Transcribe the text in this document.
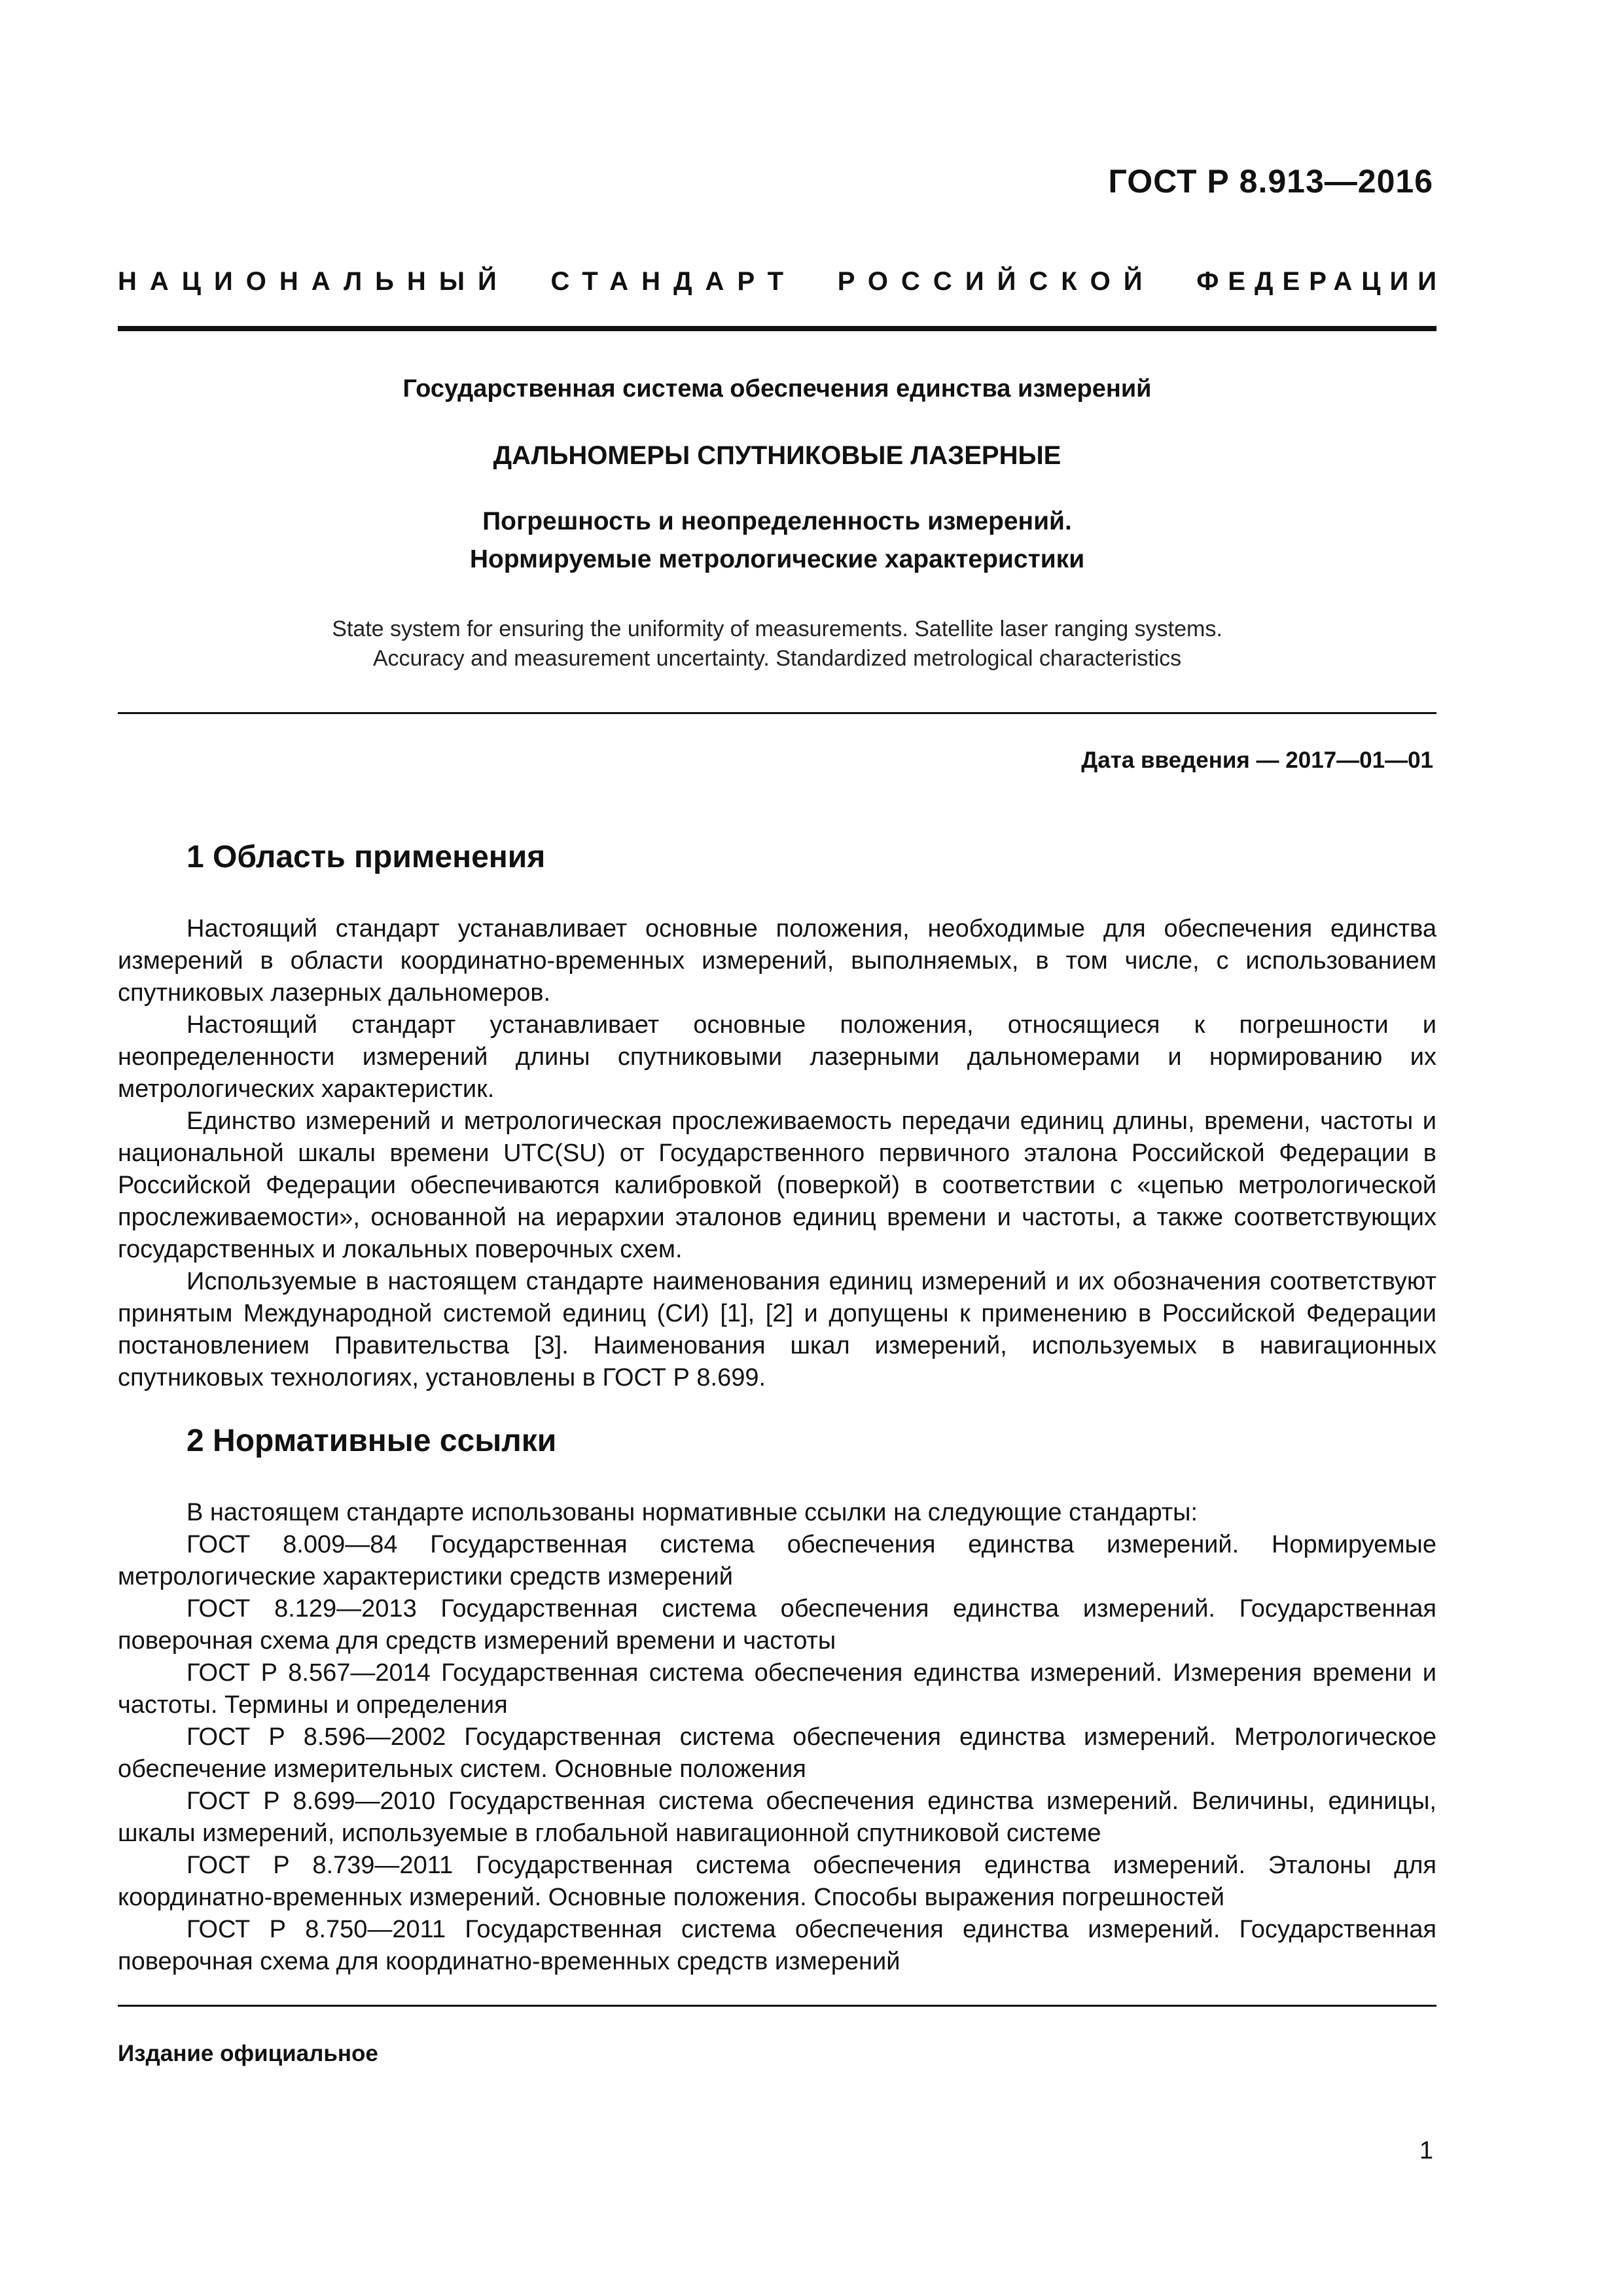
ГОСТ Р 8.913—2016
НАЦИОНАЛЬНЫЙ СТАНДАРТ РОССИЙСКОЙ ФЕДЕРАЦИИ
Государственная система обеспечения единства измерений
ДАЛЬНОМЕРЫ СПУТНИКОВЫЕ ЛАЗЕРНЫЕ
Погрешность и неопределенность измерений.
Нормируемые метрологические характеристики
State system for ensuring the uniformity of measurements. Satellite laser ranging systems.
Accuracy and measurement uncertainty. Standardized metrological characteristics
Дата введения — 2017—01—01
1 Область применения

Настоящий стандарт устанавливает основные положения, необходимые для обеспечения единства измерений в области координатно-временных измерений, выполняемых, в том числе, с использованием спутниковых лазерных дальномеров.

Настоящий стандарт устанавливает основные положения, относящиеся к погрешности и неопределенности измерений длины спутниковыми лазерными дальномерами и нормированию их метрологических характеристик.

Единство измерений и метрологическая прослеживаемость передачи единиц длины, времени, частоты и национальной шкалы времени UTC(SU) от Государственного первичного эталона Российской Федерации в Российской Федерации обеспечиваются калибровкой (поверкой) в соответствии с «цепью метрологической прослеживаемости», основанной на иерархии эталонов единиц времени и частоты, а также соответствующих государственных и локальных поверочных схем.

Используемые в настоящем стандарте наименования единиц измерений и их обозначения соответствуют принятым Международной системой единиц (СИ) [1], [2] и допущены к применению в Российской Федерации постановлением Правительства [3]. Наименования шкал измерений, используемых в навигационных спутниковых технологиях, установлены в ГОСТ Р 8.699.

2 Нормативные ссылки

В настоящем стандарте использованы нормативные ссылки на следующие стандарты:

ГОСТ 8.009—84 Государственная система обеспечения единства измерений. Нормируемые метрологические характеристики средств измерений

ГОСТ 8.129—2013 Государственная система обеспечения единства измерений. Государственная поверочная схема для средств измерений времени и частоты

ГОСТ Р 8.567—2014 Государственная система обеспечения единства измерений. Измерения времени и частоты. Термины и определения

ГОСТ Р 8.596—2002 Государственная система обеспечения единства измерений. Метрологическое обеспечение измерительных систем. Основные положения

ГОСТ Р 8.699—2010 Государственная система обеспечения единства измерений. Величины, единицы, шкалы измерений, используемые в глобальной навигационной спутниковой системе

ГОСТ Р 8.739—2011 Государственная система обеспечения единства измерений. Эталоны для координатно-временных измерений. Основные положения. Способы выражения погрешностей

ГОСТ Р 8.750—2011 Государственная система обеспечения единства измерений. Государственная поверочная схема для координатно-временных средств измерений

Издание официальное
1
